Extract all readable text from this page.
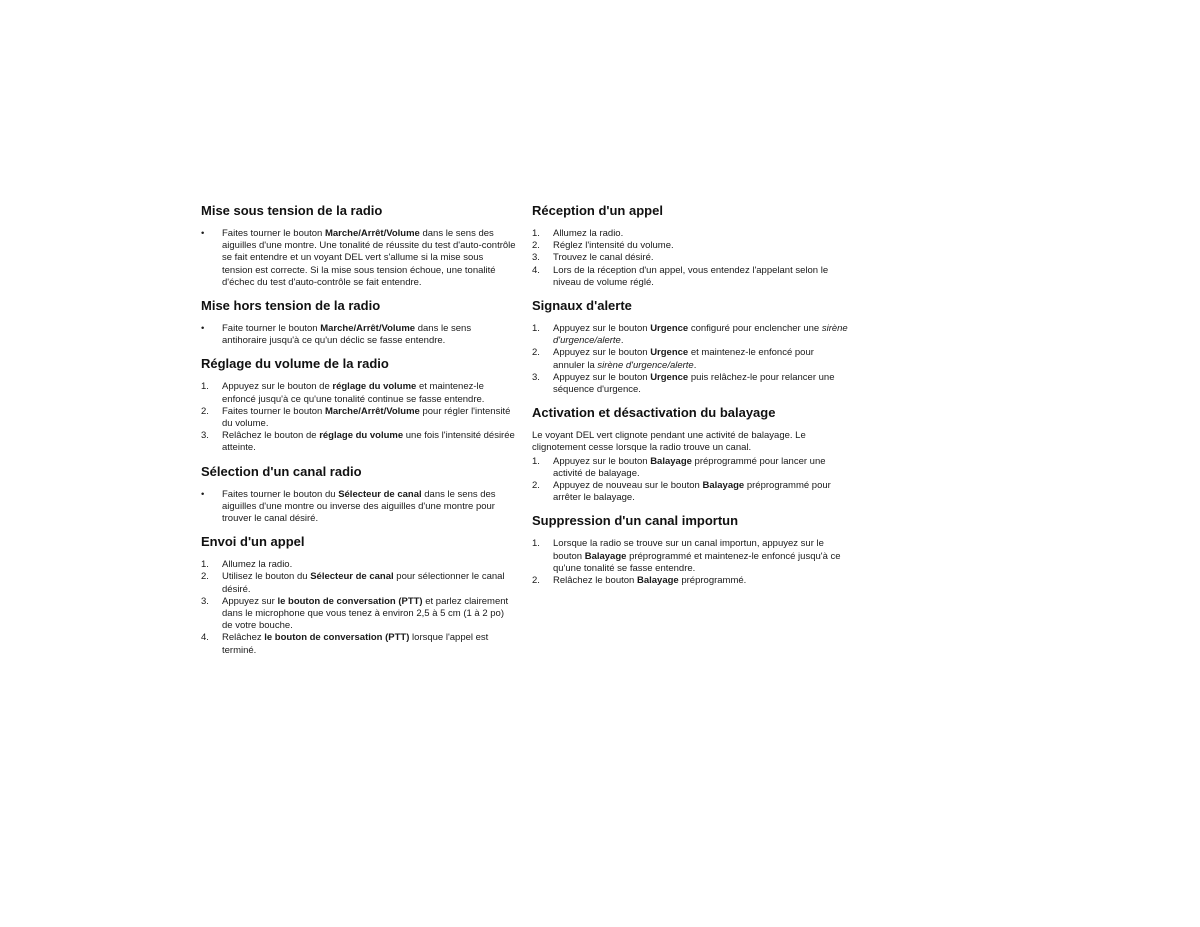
Mise sous tension de la radio
• Faites tourner le bouton Marche/Arrêt/Volume dans le sens des aiguilles d'une montre. Une tonalité de réussite du test d'auto-contrôle se fait entendre et un voyant DEL vert s'allume si la mise sous tension est correcte. Si la mise sous tension échoue, une tonalité d'échec du test d'auto-contrôle se fait entendre.
Mise hors tension de la radio
• Faite tourner le bouton Marche/Arrêt/Volume dans le sens antihoraire jusqu'à ce qu'un déclic se fasse entendre.
Réglage du volume de la radio
1. Appuyez sur le bouton de réglage du volume et maintenez-le enfoncé jusqu'à ce qu'une tonalité continue se fasse entendre.
2. Faites tourner le bouton Marche/Arrêt/Volume pour régler l'intensité du volume.
3. Relâchez le bouton de réglage du volume une fois l'intensité désirée atteinte.
Sélection d'un canal radio
• Faites tourner le bouton du Sélecteur de canal dans le sens des aiguilles d'une montre ou inverse des aiguilles d'une montre pour trouver le canal désiré.
Envoi d'un appel
1. Allumez la radio.
2. Utilisez le bouton du Sélecteur de canal pour sélectionner le canal désiré.
3. Appuyez sur le bouton de conversation (PTT) et parlez clairement dans le microphone que vous tenez à environ 2,5 à 5 cm (1 à 2 po) de votre bouche.
4. Relâchez le bouton de conversation (PTT) lorsque l'appel est terminé.
Réception d'un appel
1. Allumez la radio.
2. Réglez l'intensité du volume.
3. Trouvez le canal désiré.
4. Lors de la réception d'un appel, vous entendez l'appelant selon le niveau de volume réglé.
Signaux d'alerte
1. Appuyez sur le bouton Urgence configuré pour enclencher une sirène d'urgence/alerte.
2. Appuyez sur le bouton Urgence et maintenez-le enfoncé pour annuler la sirène d'urgence/alerte.
3. Appuyez sur le bouton Urgence puis relâchez-le pour relancer une séquence d'urgence.
Activation et désactivation du balayage

Le voyant DEL vert clignote pendant une activité de balayage. Le clignotement cesse lorsque la radio trouve un canal.

1. Appuyez sur le bouton Balayage préprogrammé pour lancer une activité de balayage.
2. Appuyez de nouveau sur le bouton Balayage préprogrammé pour arrêter le balayage.
Suppression d'un canal importun
1. Lorsque la radio se trouve sur un canal importun, appuyez sur le bouton Balayage préprogrammé et maintenez-le enfoncé jusqu'à ce qu'une tonalité se fasse entendre.
2. Relâchez le bouton Balayage préprogrammé.
